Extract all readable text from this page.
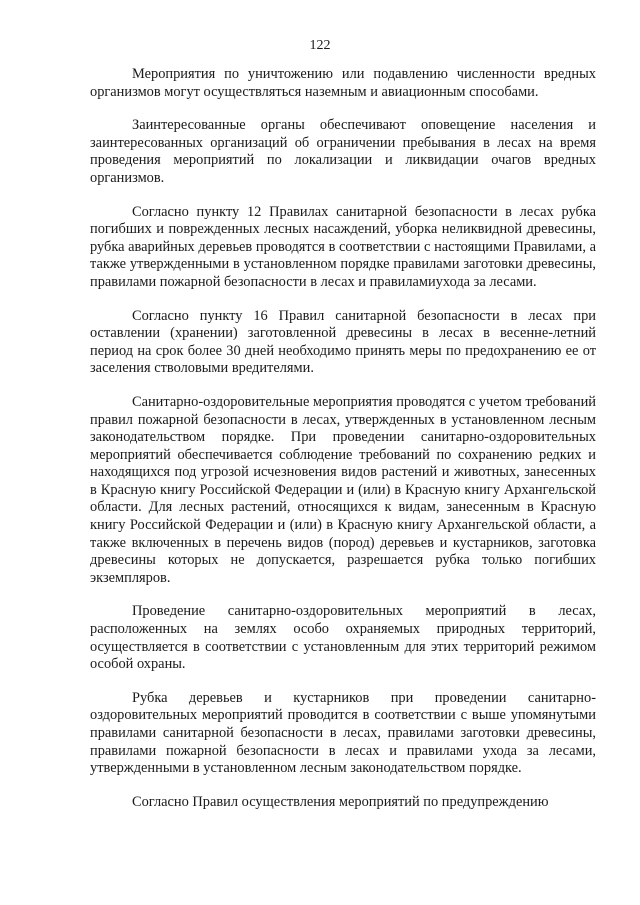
122

Мероприятия по уничтожению или подавлению численности вредных организмов могут осуществляться наземным и авиационным способами.

Заинтересованные органы обеспечивают оповещение населения и заинтересованных организаций об ограничении пребывания в лесах на время проведения мероприятий по локализации и ликвидации очагов вредных организмов.

Согласно пункту 12 Правилах санитарной безопасности в лесах рубка погибших и поврежденных лесных насаждений, уборка неликвидной древесины, рубка аварийных деревьев проводятся в соответствии с настоящими Правилами, а также утвержденными в установленном порядке правилами заготовки древесины, правилами пожарной безопасности в лесах и правиламиухода за лесами.

Согласно пункту 16 Правил санитарной безопасности в лесах при оставлении (хранении) заготовленной древесины в лесах в весенне-летний период на срок более 30 дней необходимо принять меры по предохранению ее от заселения стволовыми вредителями.

Санитарно-оздоровительные мероприятия проводятся с учетом требований правил пожарной безопасности в лесах, утвержденных в установленном лесным законодательством порядке. При проведении санитарно-оздоровительных мероприятий обеспечивается соблюдение требований по сохранению редких и находящихся под угрозой исчезновения видов растений и животных, занесенных в Красную книгу Российской Федерации и (или) в Красную книгу Архангельской области. Для лесных растений, относящихся к видам, занесенным в Красную книгу Российской Федерации и (или) в Красную книгу Архангельской области, а также включенных в перечень видов (пород) деревьев и кустарников, заготовка древесины которых не допускается, разрешается рубка только погибших экземпляров.

Проведение санитарно-оздоровительных мероприятий в лесах, расположенных на землях особо охраняемых природных территорий, осуществляется в соответствии с установленным для этих территорий режимом особой охраны.

Рубка деревьев и кустарников при проведении санитарно-оздоровительных мероприятий проводится в соответствии с выше упомянутыми правилами санитарной безопасности в лесах, правилами заготовки древесины, правилами пожарной безопасности в лесах и правилами ухода за лесами, утвержденными в установленном лесным законодательством порядке.

Согласно Правил осуществления мероприятий по предупреждению
